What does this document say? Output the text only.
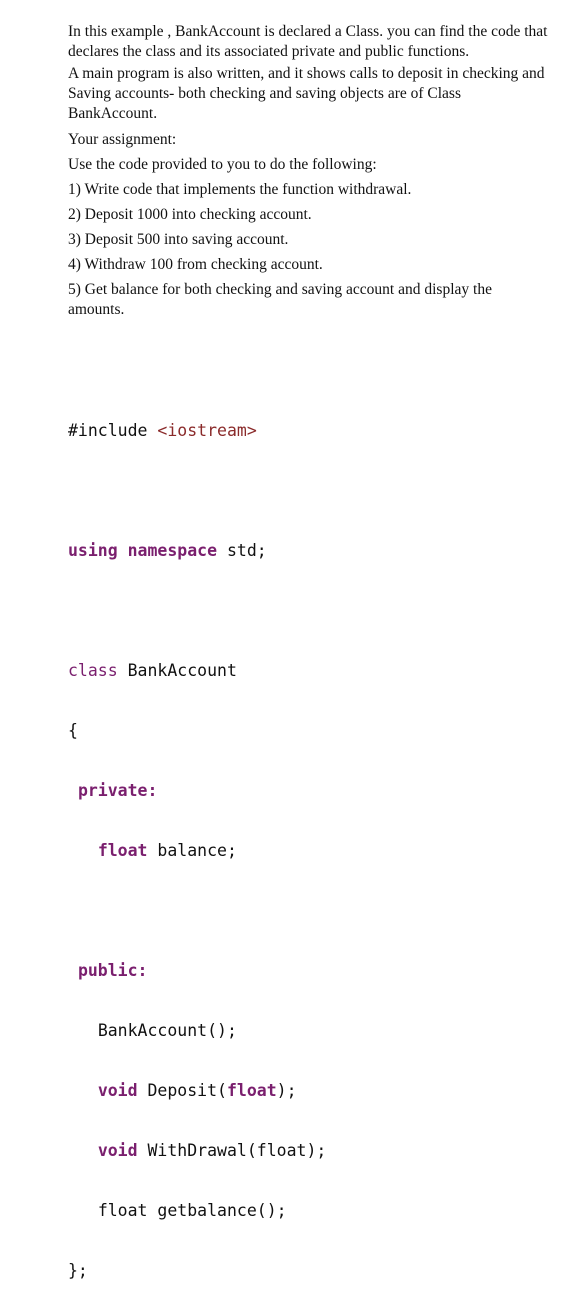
In this example , BankAccount is declared a Class. you can find the code that declares the class and its associated private and public functions.

A main program is also written, and it shows calls to deposit in checking and Saving accounts- both checking and saving objects are of Class BankAccount.

Your assignment:

Use the code provided to you to do the following:

1) Write code that implements the function withdrawal.

2) Deposit 1000 into checking account.

3) Deposit 500 into saving account.

4) Withdraw 100 from checking account.

5) Get balance for both checking and saving account and display the amounts.

#include <iostream>

using namespace std;

class BankAccount

{

private:

float balance;

public:

BankAccount();

void Deposit(float);

void WithDrawal(float);

float getbalance();

};
